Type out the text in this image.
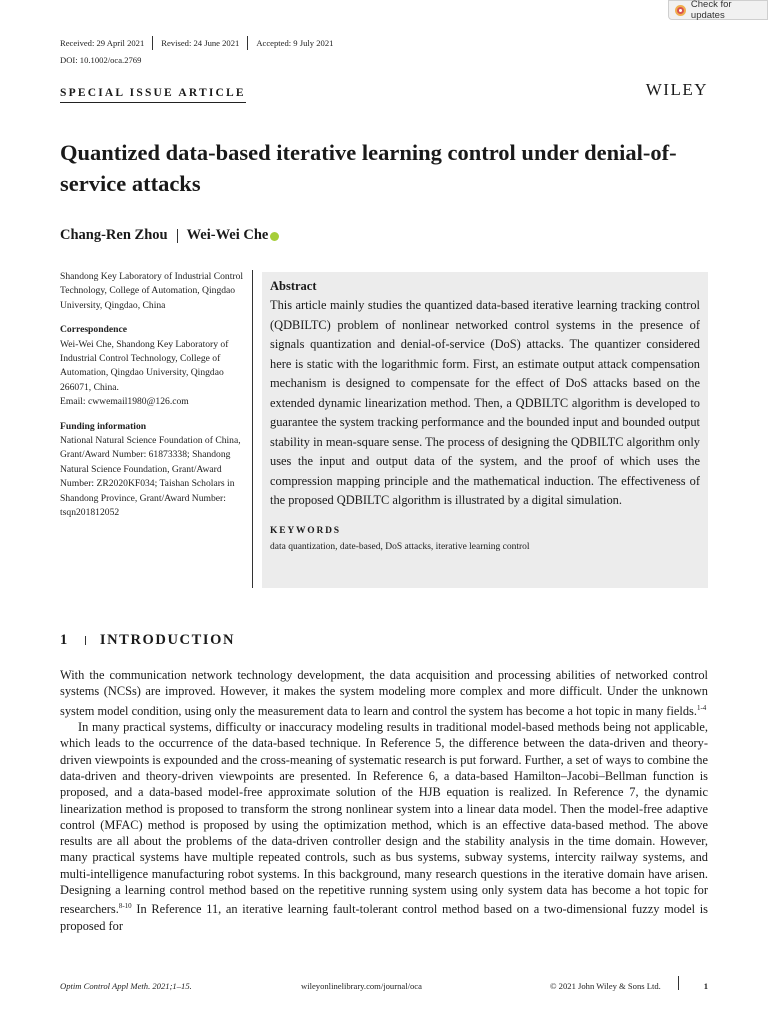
Check for updates
Received: 29 April 2021 Revised: 24 June 2021 Accepted: 9 July 2021
DOI: 10.1002/oca.2769
SPECIAL ISSUE ARTICLE	WILEY
Quantized data-based iterative learning control under denial-of-service attacks
Chang-Ren Zhou Wei-Wei Che
Shandong Key Laboratory of Industrial Control Technology, College of Automation, Qingdao University, Qingdao, China
Correspondence
Wei-Wei Che, Shandong Key Laboratory of Industrial Control Technology, College of Automation, Qingdao University, Qingdao 266071, China.
Email: cwwemail1980@126.com
Funding information
National Natural Science Foundation of China, Grant/Award Number: 61873338; Shandong Natural Science Foundation, Grant/Award Number: ZR2020KF034; Taishan Scholars in Shandong Province, Grant/Award Number: tsqn201812052
Abstract
This article mainly studies the quantized data-based iterative learning tracking control (QDBILTC) problem of nonlinear networked control systems in the presence of signals quantization and denial-of-service (DoS) attacks. The quantizer considered here is static with the logarithmic form. First, an estimate output attack compensation mechanism is designed to compensate for the effect of DoS attacks based on the extended dynamic linearization method. Then, a QDBILTC algorithm is developed to guarantee the system tracking performance and the bounded input and bounded output stability in mean-square sense. The process of designing the QDBILTC algorithm only uses the input and output data of the system, and the proof of which uses the compression mapping principle and the mathematical induction. The effectiveness of the proposed QDBILTC algorithm is illustrated by a digital simulation.
KEYWORDS
data quantization, date-based, DoS attacks, iterative learning control
1 INTRODUCTION

With the communication network technology development, the data acquisition and processing abilities of networked control systems (NCSs) are improved. However, it makes the system modeling more complex and more difficult. Under the unknown system model condition, using only the measurement data to learn and control the system has become a hot topic in many fields.$^{1-4}$

In many practical systems, difficulty or inaccuracy modeling results in traditional model-based methods being not applicable, which leads to the occurrence of the data-based technique. In Reference 5, the difference between the data-driven and theory-driven viewpoints is expounded and the cross-meaning of systematic research is put forward. Further, a set of ways to combine the data-driven and theory-driven viewpoints are presented. In Reference 6, a data-based Hamilton–Jacobi–Bellman function is proposed, and a data-based model-free approximate solution of the HJB equation is realized. In Reference 7, the dynamic linearization method is proposed to transform the strong nonlinear system into a linear data model. Then the model-free adaptive control (MFAC) method is proposed by using the optimization method, which is an effective data-based method. The above results are all about the problems of the data-driven controller design and the stability analysis in the time domain. However, many practical systems have multiple repeated controls, such as bus systems, subway systems, intercity railway systems, and multi-intelligence manufacturing robot systems. In this background, many research questions in the iterative domain have arisen. Designing a learning control method based on the repetitive running system using only system data has become a hot topic for researchers.$^{8-10}$ In Reference 11, an iterative learning fault-tolerant control method based on a two-dimensional fuzzy model is proposed for

Optim Control Appl Meth. 2021;1–15.	wileyonlinelibrary.com/journal/oca	© 2021 John Wiley & Sons Ltd.	1
